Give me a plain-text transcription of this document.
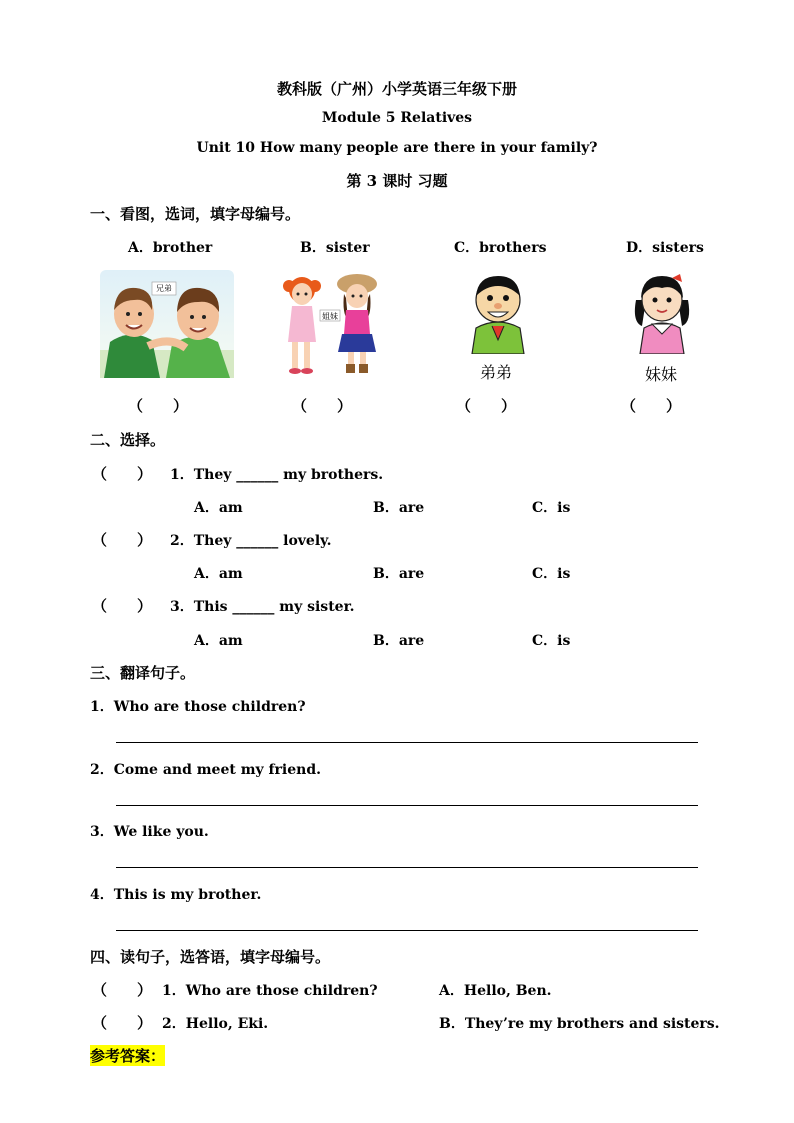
教科版（广州）小学英语三年级下册
Module 5 Relatives
Unit 10 How many people are there in your family?
第 3 课时 习题
一、看图，选词，填字母编号。
A．brother	B．sister	C．brothers	D．sisters
兄弟
姐妹
弟弟	妹妹
（　　）	（　　）	（　　）	（　　）
二、选择。
（　　） 1．They ______ my brothers.
A．am	B．are	C．is
（　　） 2．They ______ lovely.
A．am	B．are	C．is
（　　） 3．This ______ my sister.
A．am	B．are	C．is
三、翻译句子。
1．Who are those children?
2．Come and meet my friend.
3．We like you.
4．This is my brother.
四、读句子，选答语，填字母编号。
（　　） 1．Who are those children?	A．Hello, Ben.
（　　） 2．Hello, Eki.	B．They’re my brothers and sisters.
参考答案：
